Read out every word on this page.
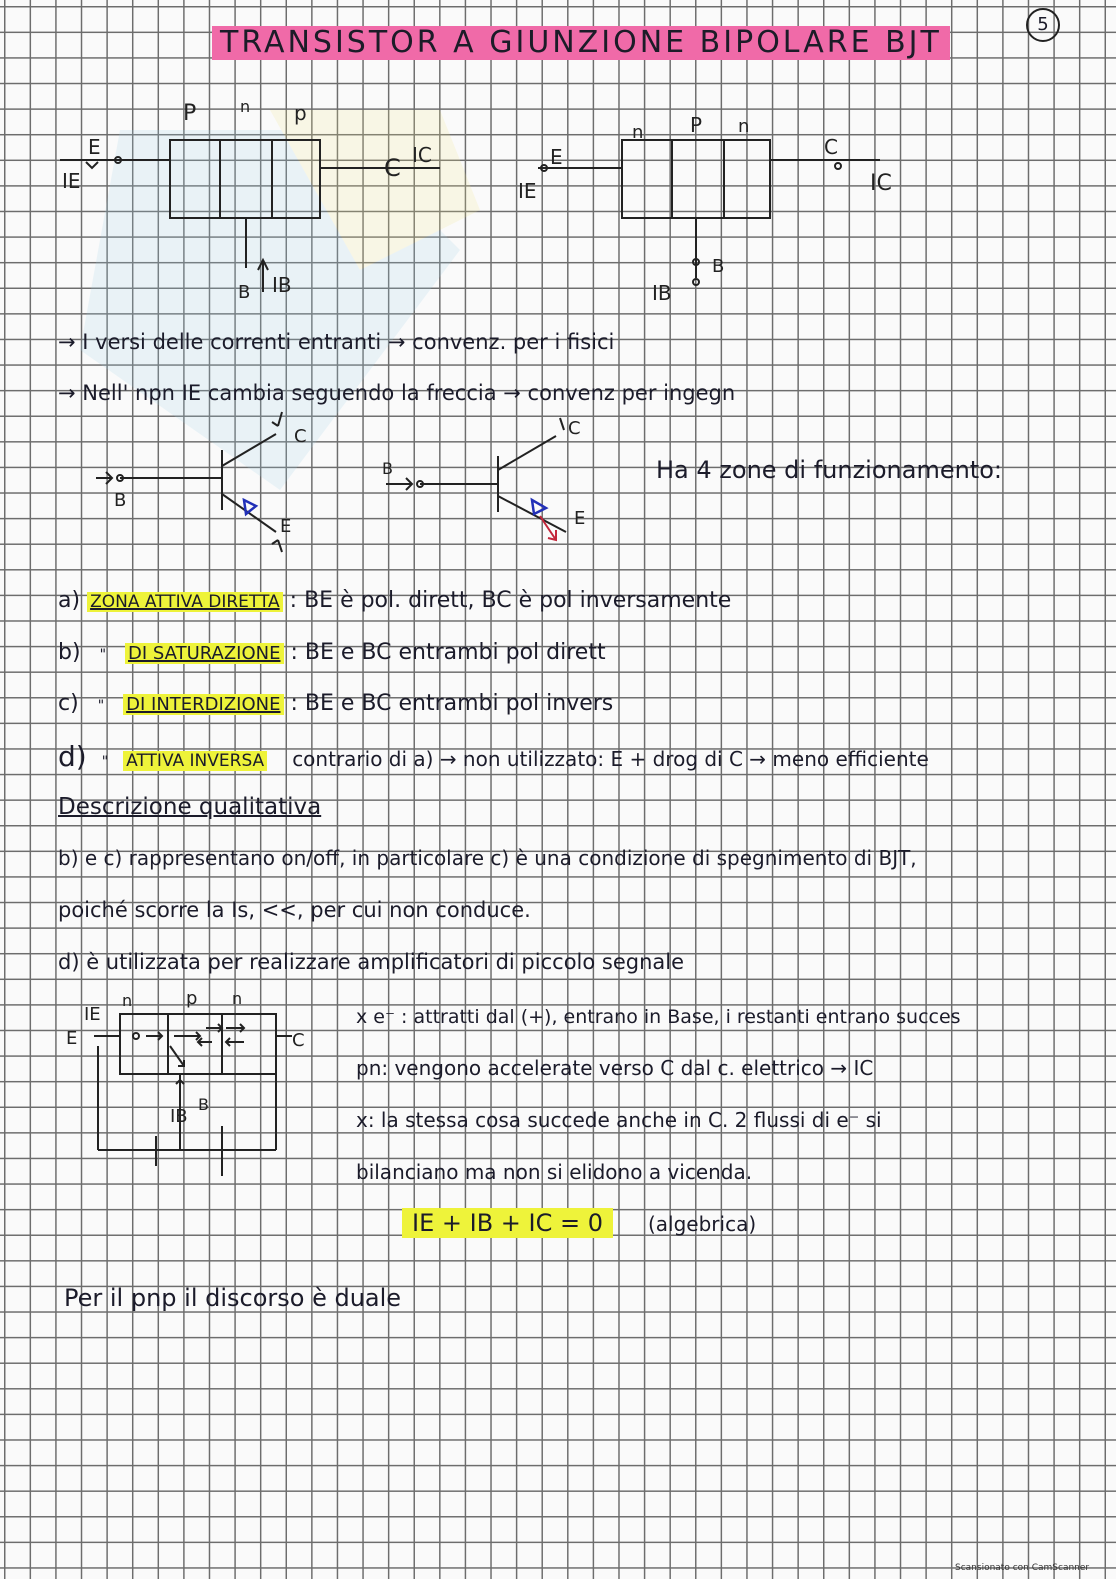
5
TRANSISTOR A GIUNZIONE BIPOLARE BJT
P	n p
E
IE	C IC
B IB
n P n
E
IE
C
IC
B
IB
B
C
E
B
C
E
n	p n
IE
E	C
IB
B
→ I versi delle correnti entranti → convenz. per i fisici
→ Nell' npn IE cambia seguendo la freccia → convenz per ingegn
Ha 4 zone di funzionamento:
a) ZONA ATTIVA DIRETTA : BE è pol. dirett, BC è pol inversamente
b) " DI SATURAZIONE : BE e BC entrambi pol dirett
c) " DI INTERDIZIONE : BE e BC entrambi pol invers
d) " ATTIVA INVERSA contrario di a) → non utilizzato: E + drog di C → meno efficiente
Descrizione qualitativa
b) e c) rappresentano on/off, in particolare c) è una condizione di spegnimento di BJT,
poiché scorre la Is, <<, per cui non conduce.
d) è utilizzata per realizzare amplificatori di piccolo segnale
x e⁻ : attratti dal (+), entrano in Base, i restanti entrano succes
pn: vengono accelerate verso C dal c. elettrico → IC
x: la stessa cosa succede anche in C. 2 flussi di e⁻ si
bilanciano ma non si elidono a vicenda.
IE + IB + IC = 0	(algebrica)
Per il pnp il discorso è duale
Scansionato con CamScanner
